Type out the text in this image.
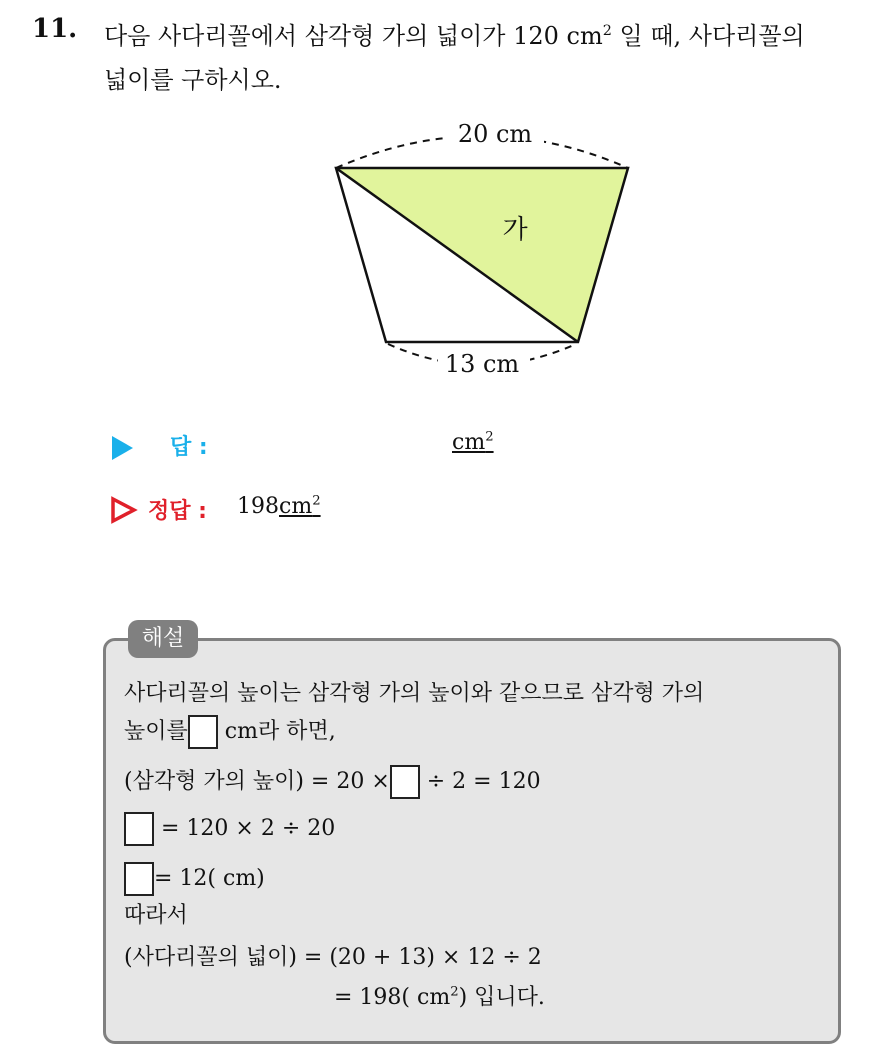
11. 다음 사다리꼴에서 삼각형 가의 넓이가 120 $cm^2$ 일 때, 사다리꼴의
넓이를 구하시오.
20 cm
가
13 cm
답 :	$cm^2$
정답 : $198cm^2$
해설
사다리꼴의 높이는 삼각형 가의 높이와 같으므로 삼각형 가의
높이를 cm라 하면,
(삼각형 가의 높이) = 20 × ÷ 2 = 120
= 120 × 2 ÷ 20
= 12( cm)
따라서
(사다리꼴의 넓이) = (20 + 13) × 12 ÷ 2
= 198( $cm^2$) 입니다.
